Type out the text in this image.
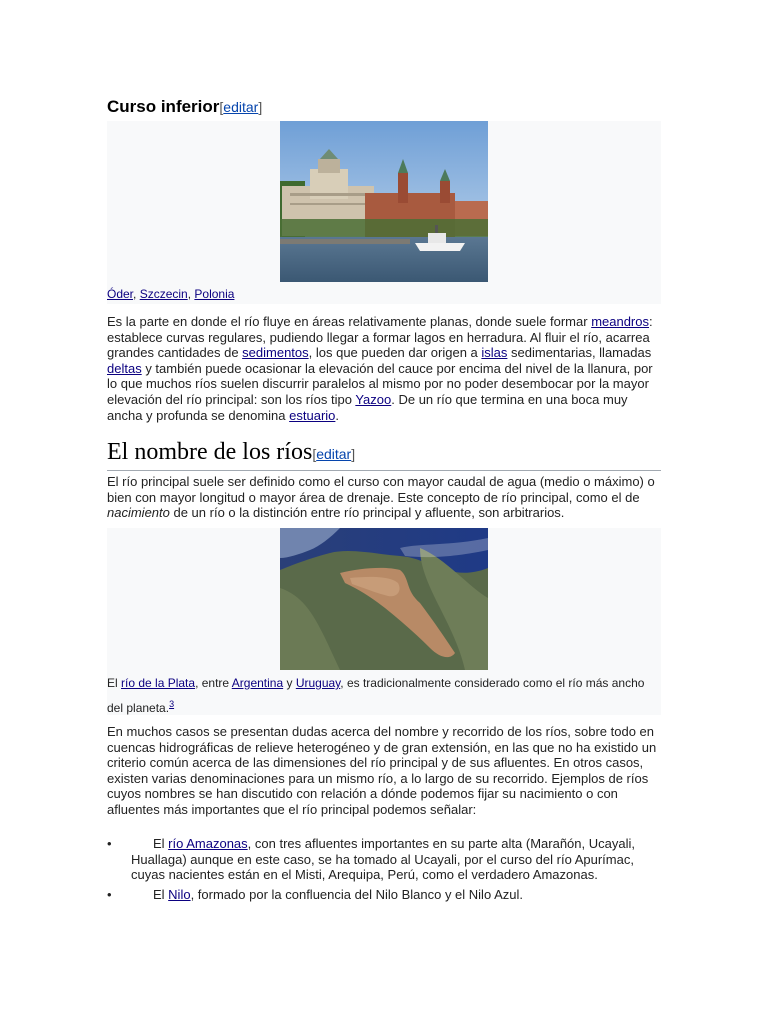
Curso inferior[editar]
Óder, Szczecin, Polonia

Es la parte en donde el río fluye en áreas relativamente planas, donde suele formar meandros: establece curvas regulares, pudiendo llegar a formar lagos en herradura. Al fluir el río, acarrea grandes cantidades de sedimentos, los que pueden dar origen a islas sedimentarias, llamadas deltas y también puede ocasionar la elevación del cauce por encima del nivel de la llanura, por lo que muchos ríos suelen discurrir paralelos al mismo por no poder desembocar por la mayor elevación del río principal: son los ríos tipo Yazoo. De un río que termina en una boca muy ancha y profunda se denomina estuario.

El nombre de los ríos[editar]

El río principal suele ser definido como el curso con mayor caudal de agua (medio o máximo) o bien con mayor longitud o mayor área de drenaje. Este concepto de río principal, como el de nacimiento de un río o la distinción entre río principal y afluente, son arbitrarios.

El río de la Plata, entre Argentina y Uruguay, es tradicionalmente considerado como el río más ancho del planeta.$^3$

En muchos casos se presentan dudas acerca del nombre y recorrido de los ríos, sobre todo en cuencas hidrográficas de relieve heterogéneo y de gran extensión, en las que no ha existido un criterio común acerca de las dimensiones del río principal y de sus afluentes. En otros casos, existen varias denominaciones para un mismo río, a lo largo de su recorrido. Ejemplos de ríos cuyos nombres se han discutido con relación a dónde podemos fijar su nacimiento o con afluentes más importantes que el río principal podemos señalar:

•	El río Amazonas, con tres afluentes importantes en su parte alta (Marañón, Ucayali, Huallaga) aunque en este caso, se ha tomado al Ucayali, por el curso del río Apurímac, cuyas nacientes están en el Misti, Arequipa, Perú, como el verdadero Amazonas.
•	El Nilo, formado por la confluencia del Nilo Blanco y el Nilo Azul.
